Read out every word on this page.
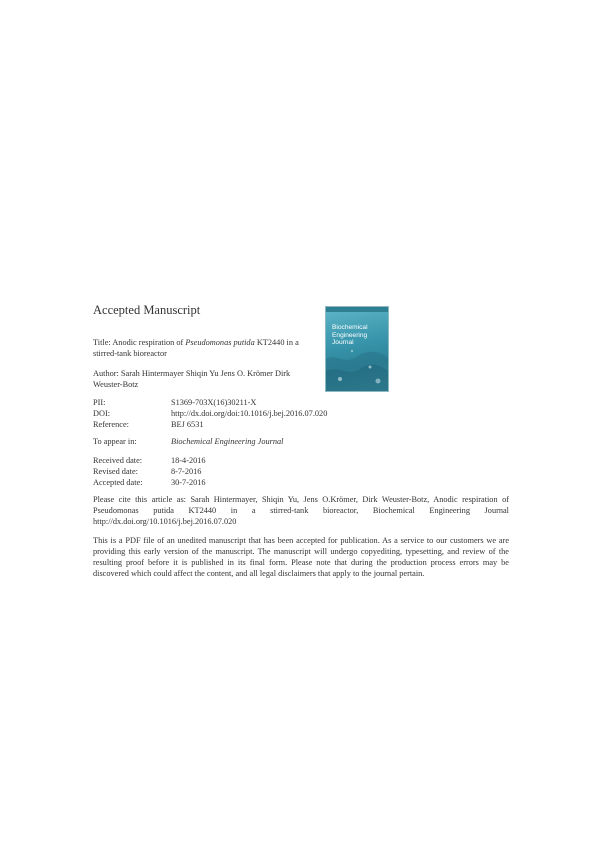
Accepted Manuscript
Biochemical Engineering Journal
Title: Anodic respiration of Pseudomonas putida KT2440 in a stirred-tank bioreactor
Author: Sarah Hintermayer Shiqin Yu Jens O. Krömer Dirk Weuster-Botz
PII:	S1369-703X(16)30211-X
DOI:	http://dx.doi.org/doi:10.1016/j.bej.2016.07.020
Reference:	BEJ 6531
To appear in:	Biochemical Engineering Journal
Received date:	18-4-2016
Revised date:	8-7-2016
Accepted date:	30-7-2016
Please cite this article as: Sarah Hintermayer, Shiqin Yu, Jens O.Krömer, Dirk Weuster-Botz, Anodic respiration of Pseudomonas putida KT2440 in a stirred-tank bioreactor, Biochemical Engineering Journal http://dx.doi.org/10.1016/j.bej.2016.07.020
This is a PDF file of an unedited manuscript that has been accepted for publication. As a service to our customers we are providing this early version of the manuscript. The manuscript will undergo copyediting, typesetting, and review of the resulting proof before it is published in its final form. Please note that during the production process errors may be discovered which could affect the content, and all legal disclaimers that apply to the journal pertain.
